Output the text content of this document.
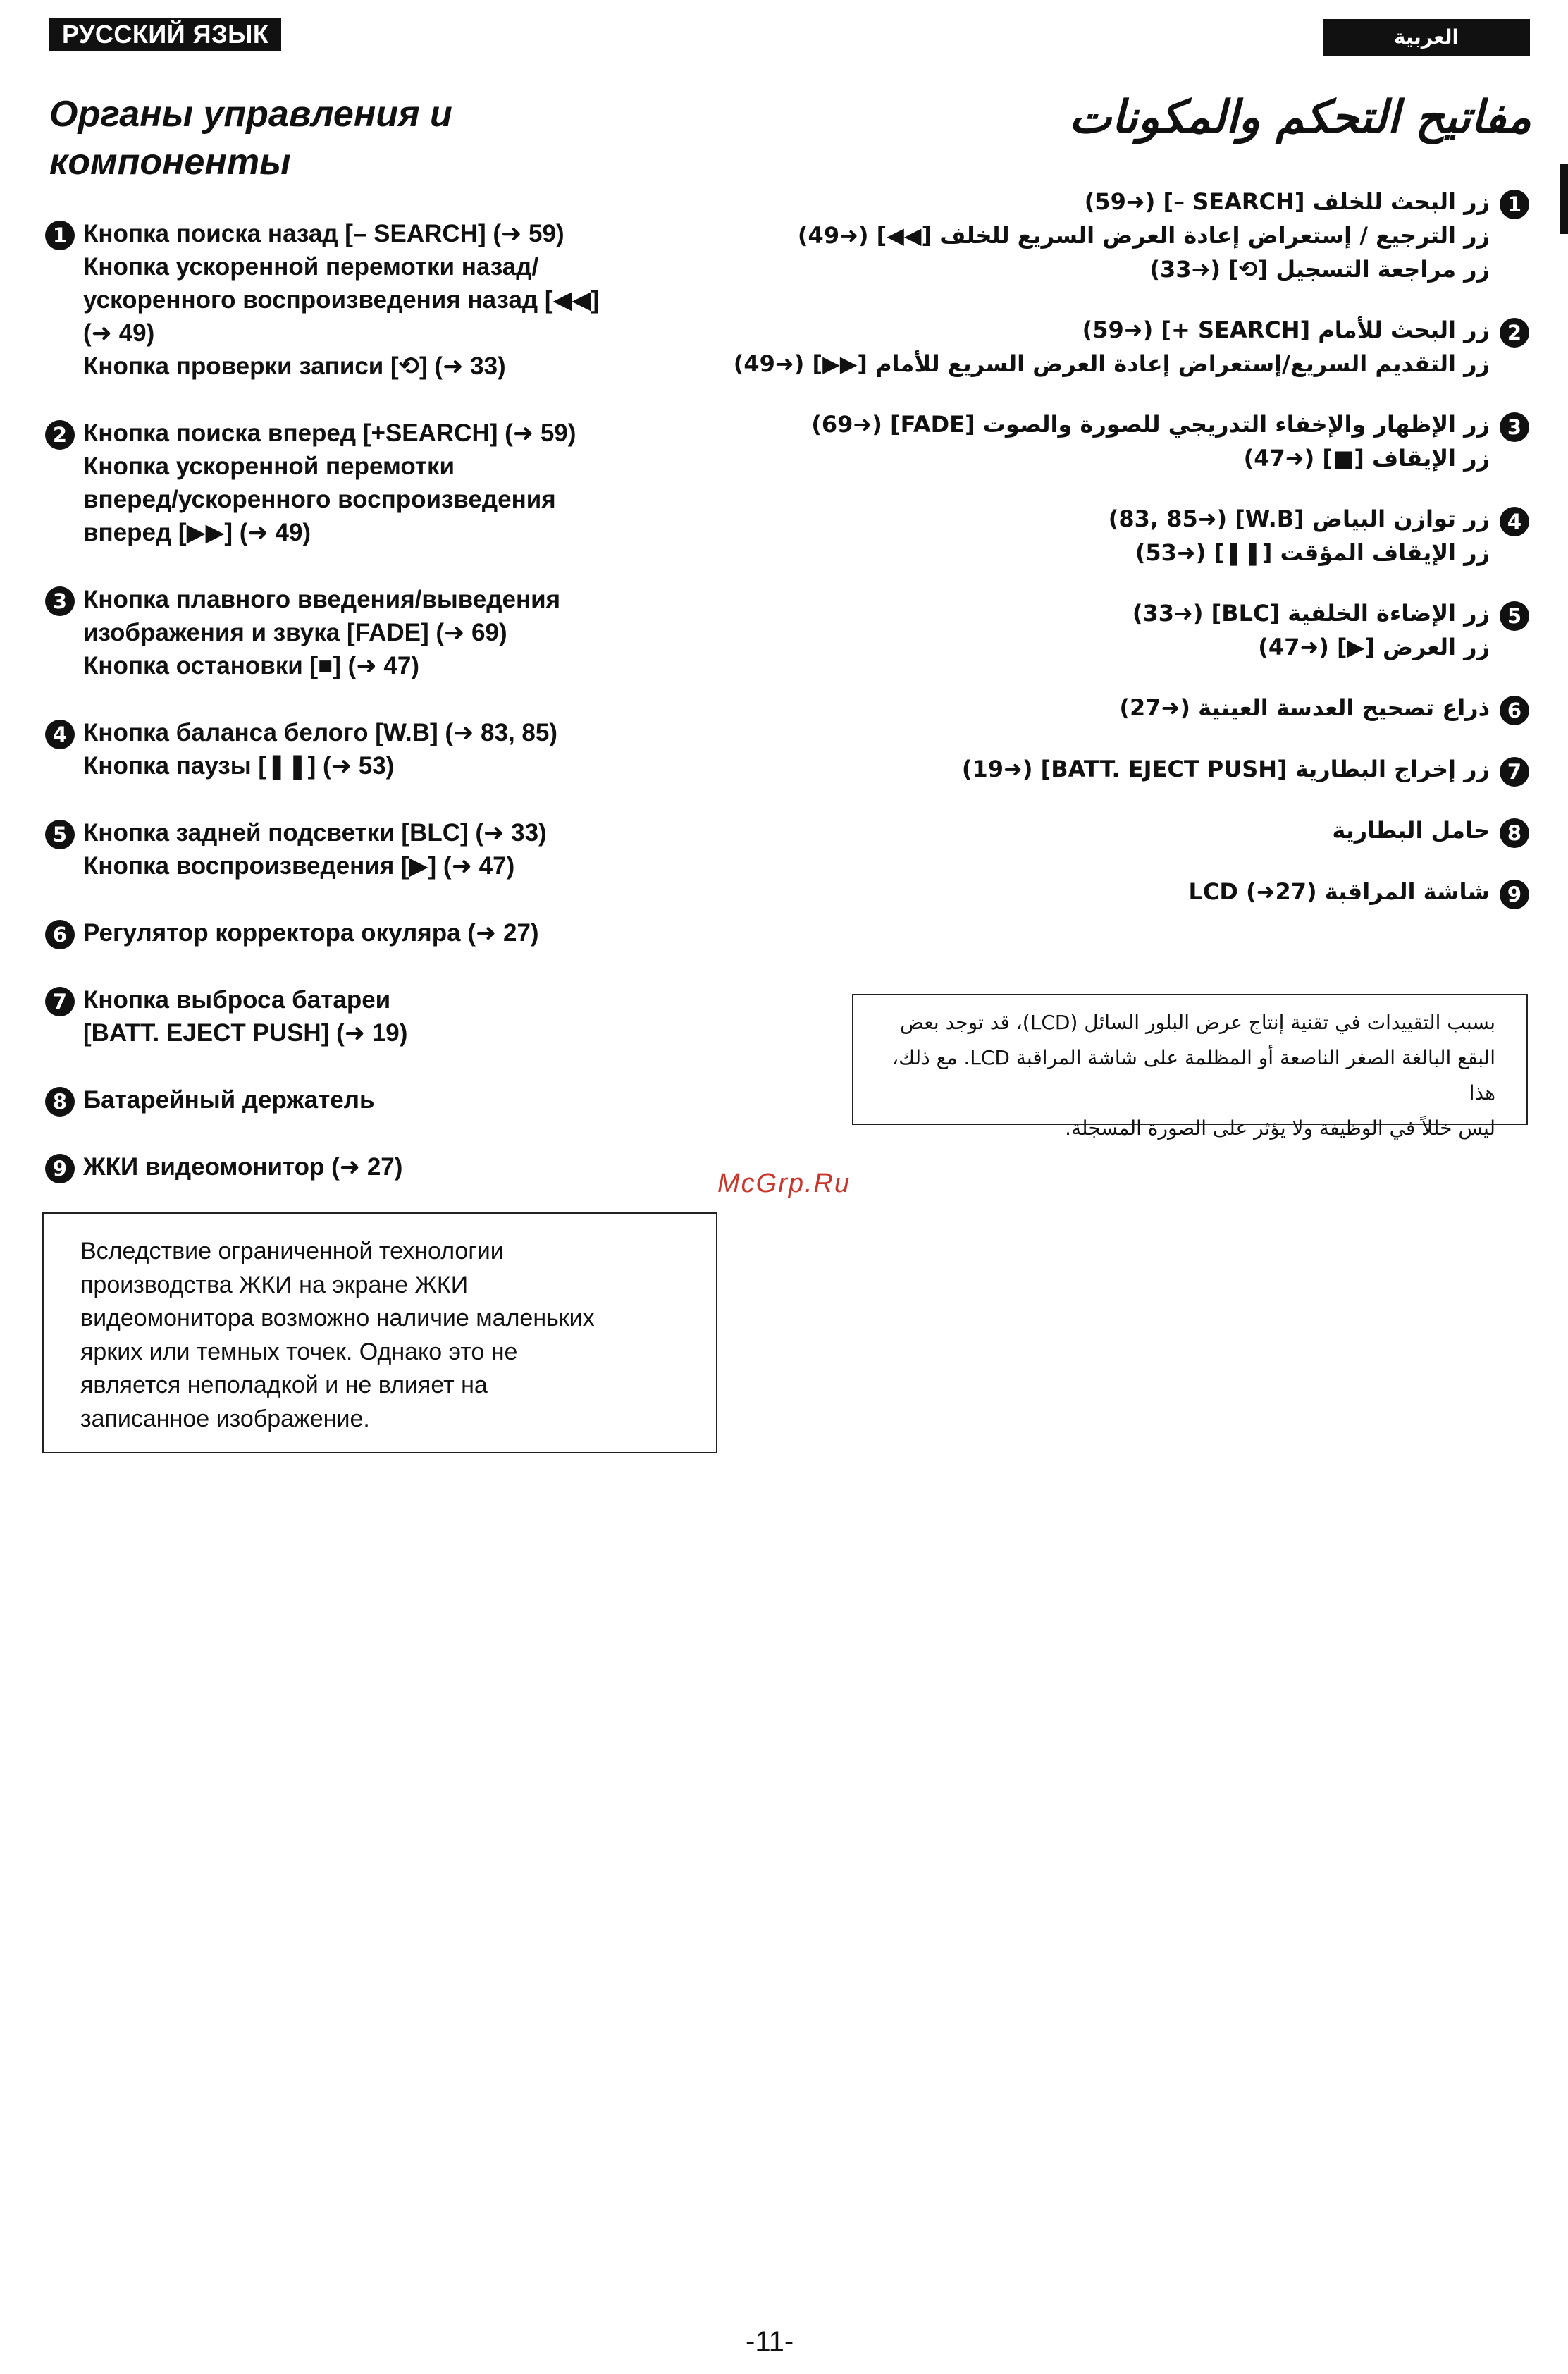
РУССКИЙ ЯЗЫК	العربية
Органы управления и
компоненты
مفاتيح التحكم والمكونات
1 Кнопка поиска назад [– SEARCH] (➜ 59)
Кнопка ускоренной перемотки назад/
ускоренного воспроизведения назад [◀◀]
(➜ 49)
Кнопка проверки записи [⟲] (➜ 33)
2 Кнопка поиска вперед [+SEARCH] (➜ 59)
Кнопка ускоренной перемотки
вперед/ускоренного воспроизведения
вперед [▶▶] (➜ 49)
3 Кнопка плавного введения/выведения
изображения и звука [FADE] (➜ 69)
Кнопка остановки [■] (➜ 47)
4 Кнопка баланса белого [W.B] (➜ 83, 85)
Кнопка паузы [❚❚] (➜ 53)
5 Кнопка задней подсветки [BLC] (➜ 33)
Кнопка воспроизведения [▶] (➜ 47)
6 Регулятор корректора окуляра (➜ 27)
7 Кнопка выброса батареи
[BATT. EJECT PUSH] (➜ 19)
8 Батарейный держатель
9 ЖКИ видеомонитор (➜ 27)

Вследствие ограниченной технологии

производства ЖКИ на экране ЖКИ

видеомонитора возможно наличие маленьких

ярких или темных точек. Однако это не

является неполадкой и не влияет на

записанное изображение.

1
زر البحث للخلف [SEARCH –] (➜59)
زر الترجيع / إستعراض إعادة العرض السريع للخلف [◀◀] (➜49)
زر مراجعة التسجيل [⟲] (➜33)
2
زر البحث للأمام [SEARCH +] (➜59)
زر التقديم السريع/إستعراض إعادة العرض السريع للأمام [▶▶] (➜49)
3
زر الإظهار والإخفاء التدريجي للصورة والصوت [FADE] (➜69)
زر الإيقاف [■] (➜47)
4
زر توازن البياض [W.B] (➜83, 85)
زر الإيقاف المؤقت [❚❚] (➜53)
5
زر الإضاءة الخلفية [BLC] (➜33)
زر العرض [▶] (➜47)
6
ذراع تصحيح العدسة العينية (➜27)
7
زر إخراج البطارية [BATT. EJECT PUSH] (➜19)
8
حامل البطارية
9
شاشة المراقبة LCD (➜27)

بسبب التقييدات في تقنية إنتاج عرض البلور السائل (LCD)، قد توجد بعض

البقع البالغة الصغر الناصعة أو المظلمة على شاشة المراقبة LCD. مع ذلك، هذا

ليس خللاً في الوظيفة ولا يؤثر على الصورة المسجلة.

McGrp.Ru
-11-
